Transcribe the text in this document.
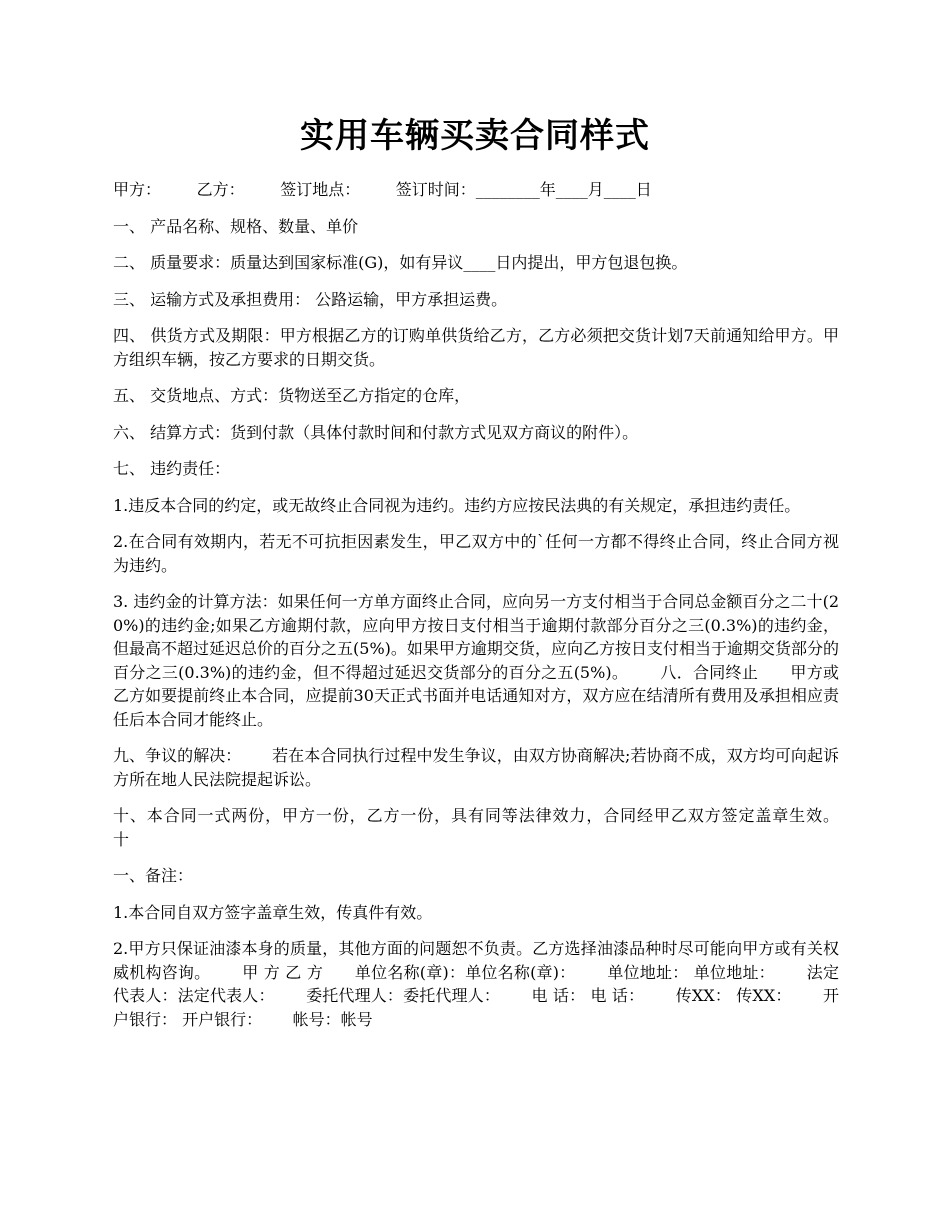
实用车辆买卖合同样式

甲方：       乙方：       签订地点：       签订时间：________年____月____日

一、 产品名称、规格、数量、单价

二、 质量要求：质量达到国家标准(G)，如有异议____日内提出，甲方包退包换。

三、 运输方式及承担费用： 公路运输，甲方承担运费。

四、 供货方式及期限：甲方根据乙方的订购单供货给乙方，乙方必须把交货计划7天前通知给甲方。甲方组织车辆，按乙方要求的日期交货。

五、 交货地点、方式：货物送至乙方指定的仓库，

六、 结算方式：货到付款（具体付款时间和付款方式见双方商议的附件）。

七、 违约责任：

1.违反本合同的约定，或无故终止合同视为违约。违约方应按民法典的有关规定，承担违约责任。

2.在合同有效期内，若无不可抗拒因素发生，甲乙双方中的`任何一方都不得终止合同，终止合同方视为违约。

3. 违约金的计算方法：如果任何一方单方面终止合同，应向另一方支付相当于合同总金额百分之二十(20%)的违约金;如果乙方逾期付款，应向甲方按日支付相当于逾期付款部分百分之三(0.3%)的违约金，但最高不超过延迟总价的百分之五(5%)。如果甲方逾期交货，应向乙方按日支付相当于逾期交货部分的百分之三(0.3%)的违约金，但不得超过延迟交货部分的百分之五(5%)。      八．合同终止      甲方或乙方如要提前终止本合同，应提前30天正式书面并电话通知对方，双方应在结清所有费用及承担相应责任后本合同才能终止。

九、争议的解决：      若在本合同执行过程中发生争议，由双方协商解决;若协商不成，双方均可向起诉方所在地人民法院提起诉讼。

十、本合同一式两份，甲方一份，乙方一份，具有同等法律效力，合同经甲乙双方签定盖章生效。      十

一、备注：

1.本合同自双方签字盖章生效，传真件有效。

2.甲方只保证油漆本身的质量，其他方面的问题恕不负责。乙方选择油漆品种时尽可能向甲方或有关权威机构咨询。      甲 方 乙 方      单位名称(章)：单位名称(章)：      单位地址： 单位地址：      法定代表人：法定代表人：      委托代理人：委托代理人：      电 话： 电 话：      传XX： 传XX：      开户银行： 开户银行：      帐号：帐号
